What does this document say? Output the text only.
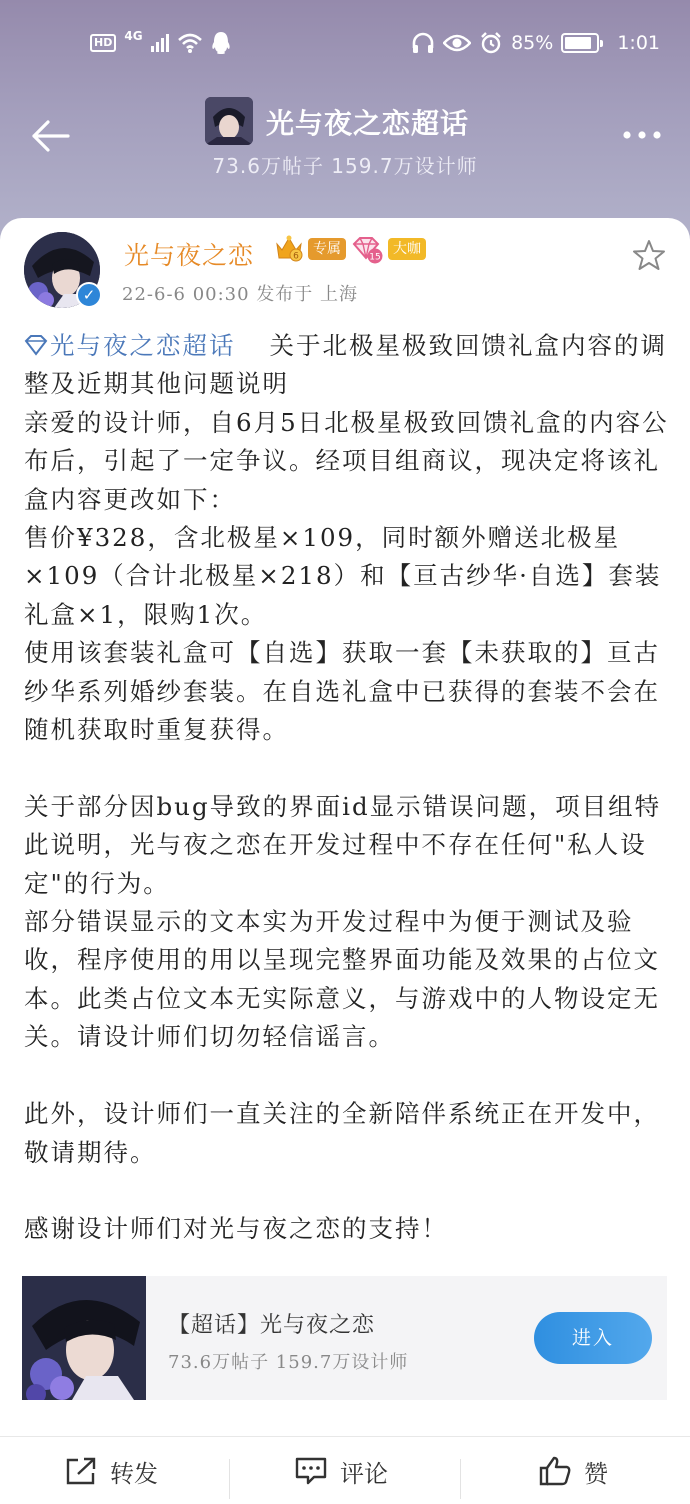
HD	4G	85%	1:01
光与夜之恋超话
73.6万帖子 159.7万设计师
✓
光与夜之恋	6	专属
15
大咖
22-6-6 00:30 发布于 上海

光与夜之恋超话 关于北极星极致回馈礼盒内容的调整及近期其他问题说明

亲爱的设计师，自6月5日北极星极致回馈礼盒的内容公布后，引起了一定争议。经项目组商议，现决定将该礼盒内容更改如下：

售价¥328，含北极星×109，同时额外赠送北极星×109（合计北极星×218）和【亘古纱华·自选】套装礼盒×1，限购1次。

使用该套装礼盒可【自选】获取一套【未获取的】亘古纱华系列婚纱套装。在自选礼盒中已获得的套装不会在随机获取时重复获得。

关于部分因bug导致的界面id显示错误问题，项目组特此说明，光与夜之恋在开发过程中不存在任何"私人设定"的行为。

部分错误显示的文本实为开发过程中为便于测试及验收，程序使用的用以呈现完整界面功能及效果的占位文本。此类占位文本无实际意义，与游戏中的人物设定无关。请设计师们切勿轻信谣言。

此外，设计师们一直关注的全新陪伴系统正在开发中，敬请期待。

感谢设计师们对光与夜之恋的支持！

【超话】光与夜之恋
73.6万帖子 159.7万设计师
进入
转发	评论	赞
